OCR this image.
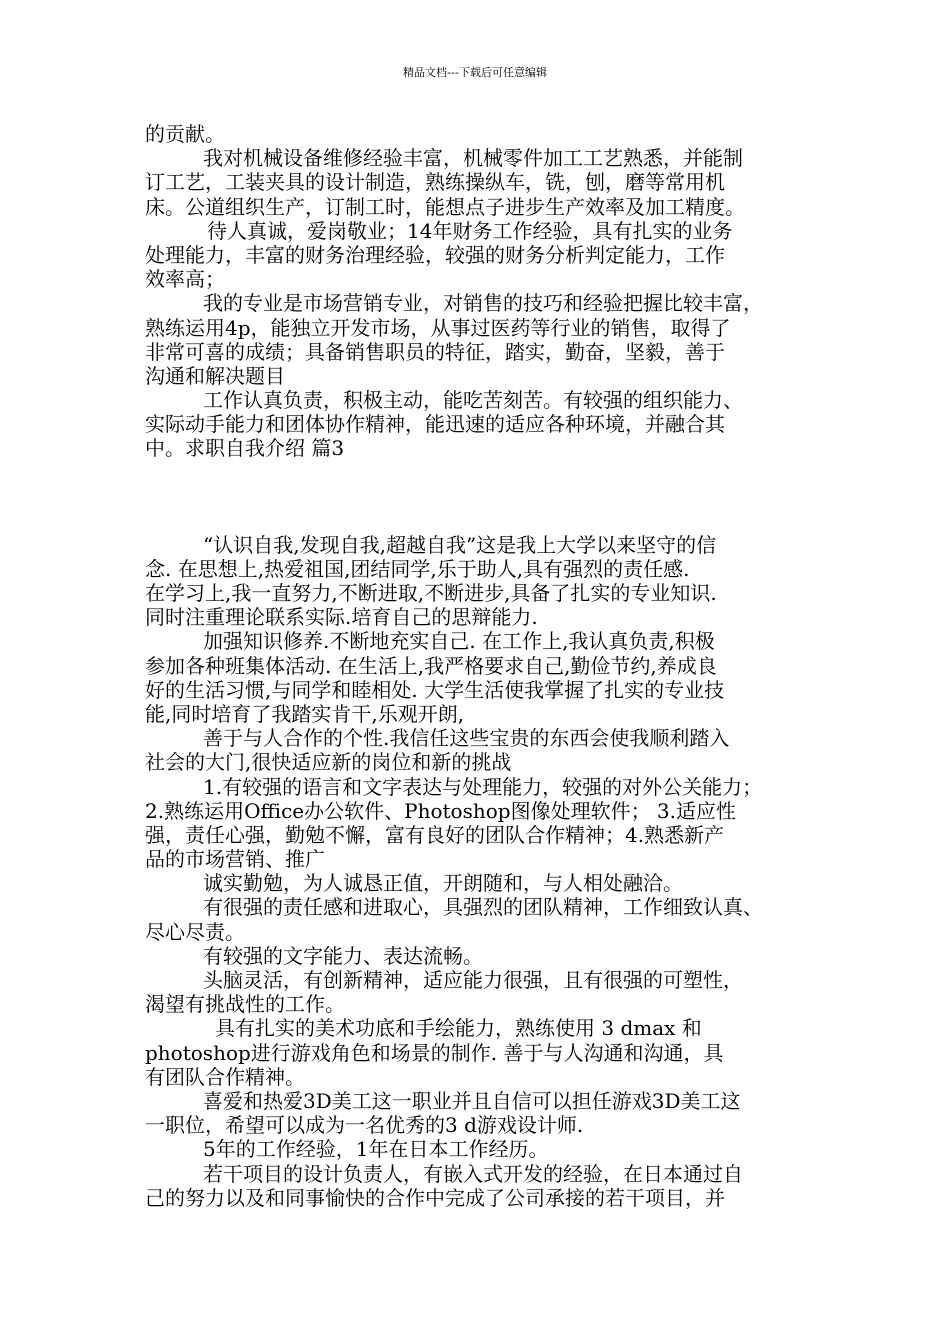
精品文档---下载后可任意编辑
的贡献。
我对机械设备维修经验丰富，机械零件加工工艺熟悉，并能制
订工艺，工装夹具的设计制造，熟练操纵车，铣，刨，磨等常用机
床。公道组织生产，订制工时，能想点子进步生产效率及加工精度。
待人真诚，爱岗敬业；14年财务工作经验，具有扎实的业务
处理能力，丰富的财务治理经验，较强的财务分析判定能力，工作
效率高；
我的专业是市场营销专业，对销售的技巧和经验把握比较丰富，
熟练运用4p，能独立开发市场，从事过医药等行业的销售，取得了
非常可喜的成绩；具备销售职员的特征，踏实，勤奋，坚毅，善于
沟通和解决题目
工作认真负责，积极主动，能吃苦刻苦。有较强的组织能力、
实际动手能力和团体协作精神，能迅速的适应各种环境，并融合其
中。求职自我介绍 篇3
“认识自我,发现自我,超越自我”这是我上大学以来坚守的信
念. 在思想上,热爱祖国,团结同学,乐于助人,具有强烈的责任感.
在学习上,我一直努力,不断进取,不断进步,具备了扎实的专业知识.
同时注重理论联系实际.培育自己的思辩能力.
加强知识修养.不断地充实自己. 在工作上,我认真负责,积极
参加各种班集体活动. 在生活上,我严格要求自己,勤俭节约,养成良
好的生活习惯,与同学和睦相处. 大学生活使我掌握了扎实的专业技
能,同时培育了我踏实肯干,乐观开朗,
善于与人合作的个性.我信任这些宝贵的东西会使我顺利踏入
社会的大门,很快适应新的岗位和新的挑战
1.有较强的语言和文字表达与处理能力，较强的对外公关能力；
2.熟练运用Office办公软件、Photoshop图像处理软件； 3.适应性
强，责任心强，勤勉不懈，富有良好的团队合作精神；4.熟悉新产
品的市场营销、推广
诚实勤勉，为人诚恳正值，开朗随和，与人相处融洽。
有很强的责任感和进取心，具强烈的团队精神，工作细致认真、
尽心尽责。
有较强的文字能力、表达流畅。
头脑灵活，有创新精神，适应能力很强，且有很强的可塑性，
渴望有挑战性的工作。
具有扎实的美术功底和手绘能力，熟练使用 3 dmax 和
photoshop进行游戏角色和场景的制作. 善于与人沟通和沟通，具
有团队合作精神。
喜爱和热爱3D美工这一职业并且自信可以担任游戏3D美工这
一职位，希望可以成为一名优秀的3 d游戏设计师.
5年的工作经验，1年在日本工作经历。
若干项目的设计负责人，有嵌入式开发的经验，在日本通过自
己的努力以及和同事愉快的合作中完成了公司承接的若干项目，并
